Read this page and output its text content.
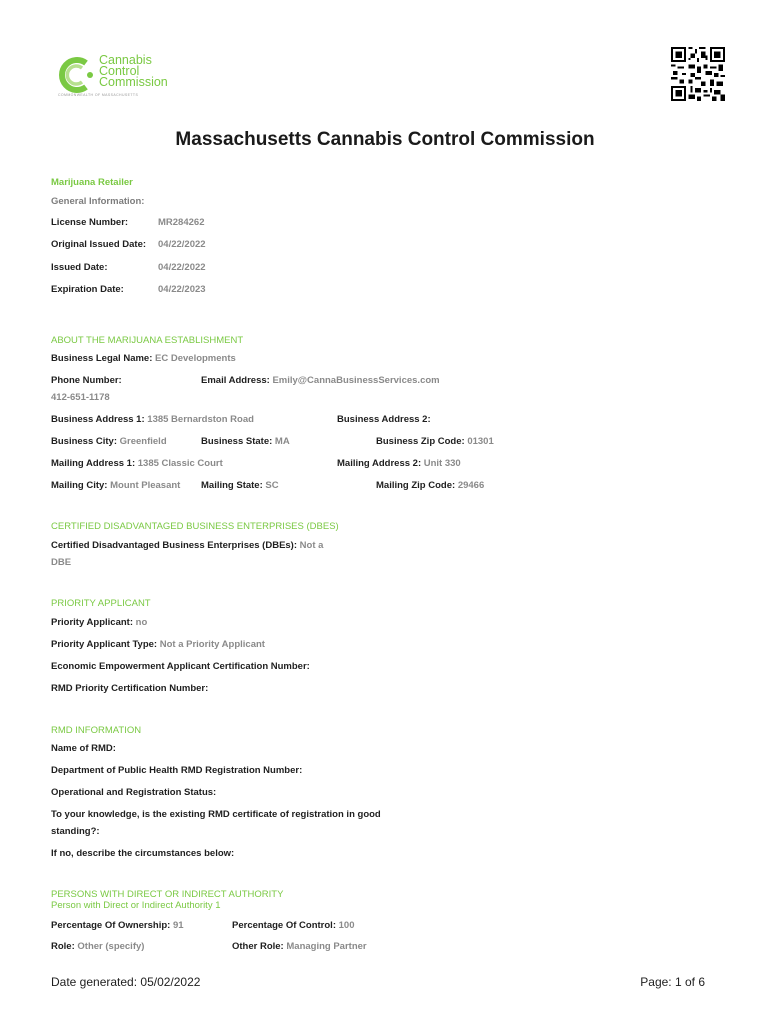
Cannabis
Control
Commission
COMMONWEALTH OF MASSACHUSETTS
Massachusetts Cannabis Control Commission
Marijuana Retailer
General Information:
License Number:	MR284262
Original Issued Date: 04/22/2022
Issued Date:	04/22/2022
Expiration Date:	04/22/2023
ABOUT THE MARIJUANA ESTABLISHMENT
Business Legal Name: EC Developments
Phone Number:	Email Address: Emily@CannaBusinessServices.com
412-651-1178
Business Address 1: 1385 Bernardston Road	Business Address 2:
Business City: Greenfield	Business State: MA	Business Zip Code: 01301
Mailing Address 1: 1385 Classic Court	Mailing Address 2: Unit 330
Mailing City: Mount Pleasant Mailing State: SC	Mailing Zip Code: 29466
CERTIFIED DISADVANTAGED BUSINESS ENTERPRISES (DBES)
Certified Disadvantaged Business Enterprises (DBEs): Not a
DBE
PRIORITY APPLICANT
Priority Applicant: no
Priority Applicant Type: Not a Priority Applicant
Economic Empowerment Applicant Certification Number:
RMD Priority Certification Number:
RMD INFORMATION
Name of RMD:
Department of Public Health RMD Registration Number:
Operational and Registration Status:
To your knowledge, is the existing RMD certificate of registration in good
standing?:
If no, describe the circumstances below:
PERSONS WITH DIRECT OR INDIRECT AUTHORITY
Person with Direct or Indirect Authority 1
Percentage Of Ownership: 91	Percentage Of Control: 100
Role: Other (specify)	Other Role: Managing Partner
Date generated: 05/02/2022	Page: 1 of 6
